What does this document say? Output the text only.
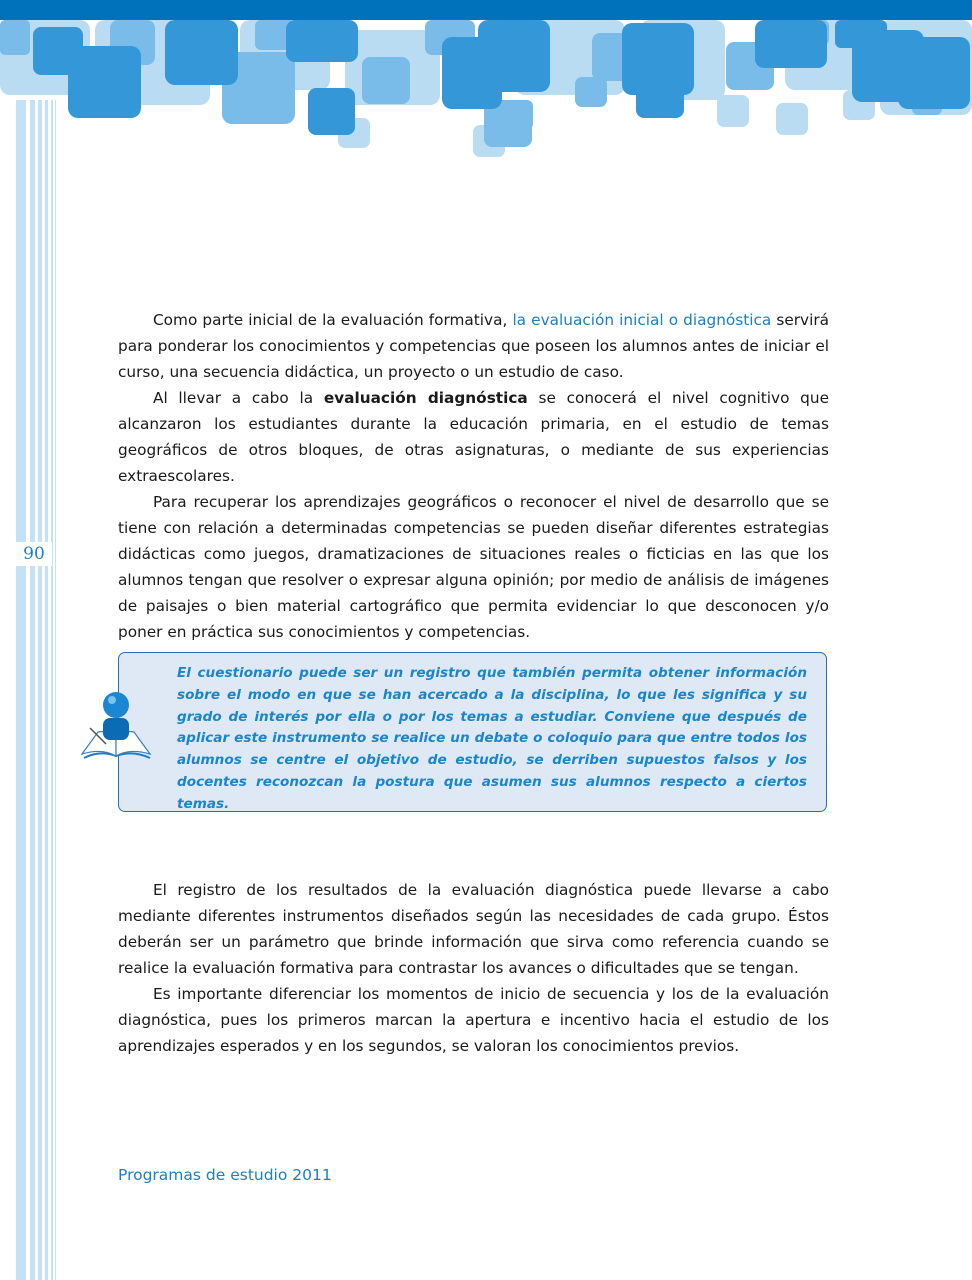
90

Como parte inicial de la evaluación formativa, la evaluación inicial o diagnóstica servirá para ponderar los conocimientos y competencias que poseen los alumnos antes de iniciar el curso, una secuencia didáctica, un proyecto o un estudio de caso.

Al llevar a cabo la evaluación diagnóstica se conocerá el nivel cognitivo que alcanzaron los estudiantes durante la educación primaria, en el estudio de temas geográficos de otros bloques, de otras asignaturas, o mediante de sus experiencias extraescolares.

Para recuperar los aprendizajes geográficos o reconocer el nivel de desarrollo que se tiene con relación a determinadas competencias se pueden diseñar diferentes estrategias didácticas como juegos, dramatizaciones de situaciones reales o ficticias en las que los alumnos tengan que resolver o expresar alguna opinión; por medio de análisis de imágenes de paisajes o bien material cartográfico que permita evidenciar lo que desconocen y/o poner en práctica sus conocimientos y competencias.

El cuestionario puede ser un registro que también permita obtener información sobre el modo en que se han acercado a la disciplina, lo que les significa y su grado de interés por ella o por los temas a estudiar. Conviene que después de aplicar este instrumento se realice un debate o coloquio para que entre todos los alumnos se centre el objetivo de estudio, se derriben supuestos falsos y los docentes reconozcan la postura que asumen sus alumnos respecto a ciertos temas.

El registro de los resultados de la evaluación diagnóstica puede llevarse a cabo mediante diferentes instrumentos diseñados según las necesidades de cada grupo. Éstos deberán ser un parámetro que brinde información que sirva como referencia cuando se realice la evaluación formativa para contrastar los avances o dificultades que se tengan.

Es importante diferenciar los momentos de inicio de secuencia y los de la evaluación diagnóstica, pues los primeros marcan la apertura e incentivo hacia el estudio de los aprendizajes esperados y en los segundos, se valoran los conocimientos previos.

Programas de estudio 2011
